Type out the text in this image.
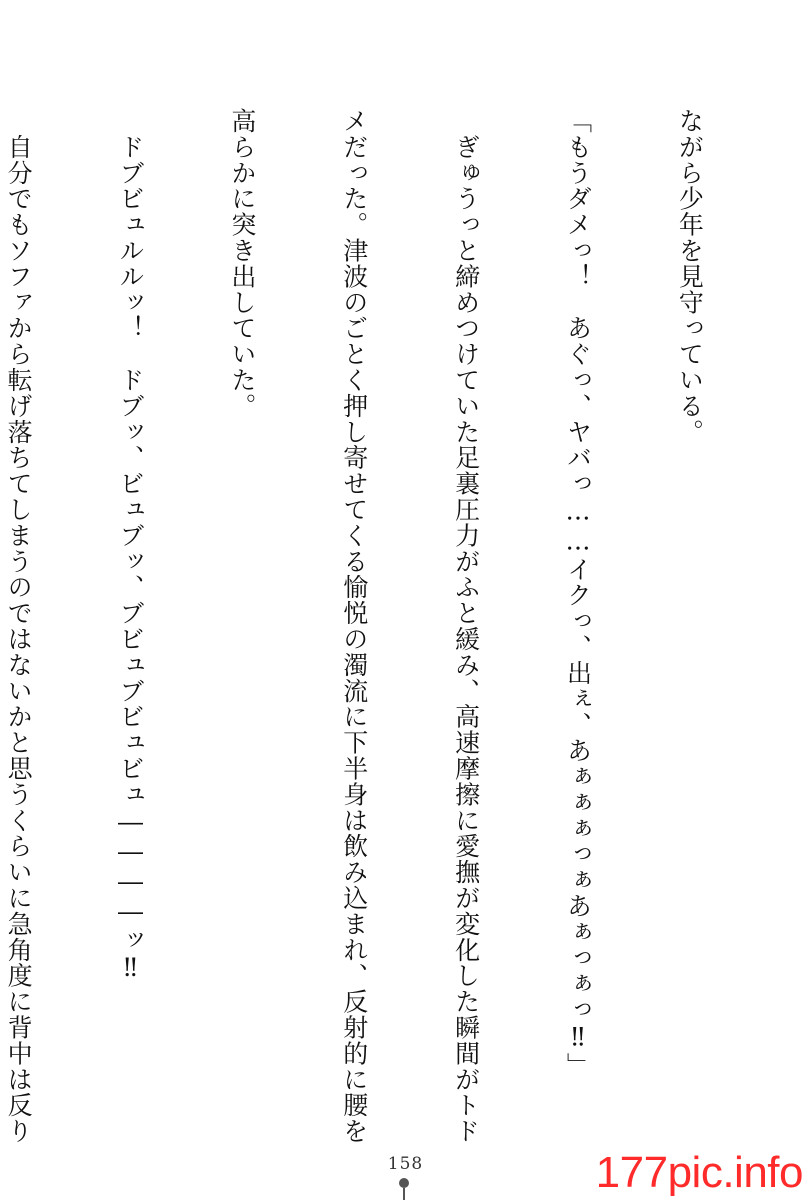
ながら少年を見守っている。

「もうダメっ！　あぐっ、ヤバっ……イクっ、出ぇ、あぁぁぁっぁあぁっぁっ‼」

　ぎゅうっと締めつけていた足裏圧力がふと緩み、高速摩擦に愛撫が変化した瞬間がトド

メだった。津波のごとく押し寄せてくる愉悦の濁流に下半身は飲み込まれ、反射的に腰を

高らかに突き出していた。

　ドブビュルルッ！　ドブッ、ビュブッ、ブビュブビュビュ――――ッ‼

　自分でもソファから転げ落ちてしまうのではないかと思うくらいに急角度に背中は反り

158	177pic.info
